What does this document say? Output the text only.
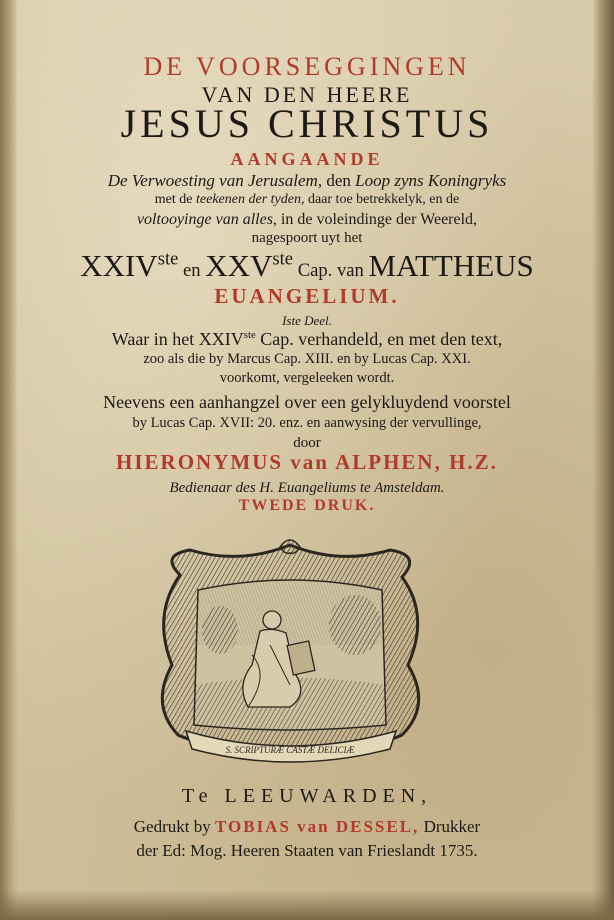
DE VOORSEGGINGEN
VAN DEN HEERE
JESUS CHRISTUS
AANGAANDE
De Verwoesting van Jerusalem, den Loop zyns Koningryks
met de teekenen der tyden, daar toe betrekkelyk, en de
voltooyinge van alles, in de voleindinge der Weereld,
nagespoort uyt het
XXIVste en XXVste Cap. van MATTHEUS
EUANGELIUM.
Iste Deel.
Waar in het XXIVste Cap. verhandeld, en met den text,
zoo als die by Marcus Cap. XIII. en by Lucas Cap. XXI.
voorkomt, vergeleeken wordt.
Neevens een aanhangzel over een gelykluydend voorstel
by Lucas Cap. XVII: 20. enz. en aanwysing der vervullinge,
door
HIERONYMUS van ALPHEN, H.Z.
Bedienaar des H. Euangeliums te Amsteldam.
TWEDE DRUK.
S. SCRIPTURÆ CASTÆ DELICIÆ
Te LEEUWARDEN,
Gedrukt by TOBIAS van DESSEL, Drukker
der Ed: Mog. Heeren Staaten van Frieslandt 1735.
